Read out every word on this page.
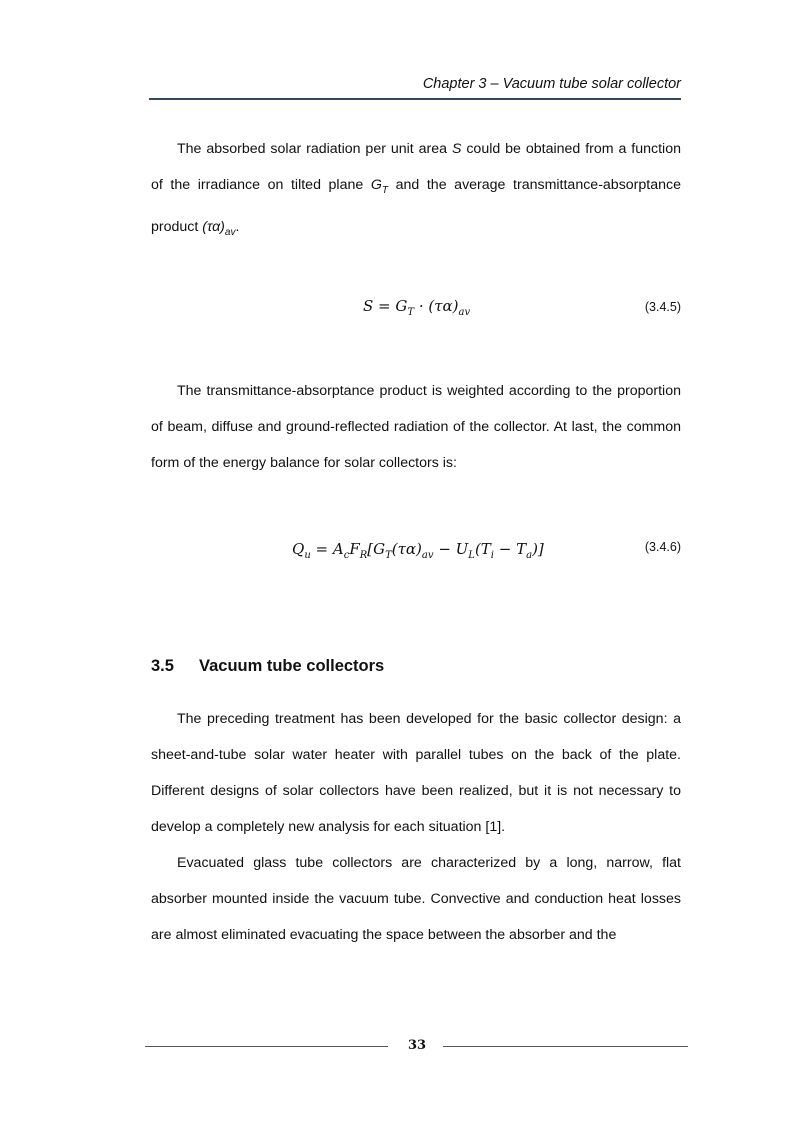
Chapter 3 – Vacuum tube solar collector

The absorbed solar radiation per unit area S could be obtained from a function of the irradiance on tilted plane $G_T$ and the average transmittance-absorptance product $(\tau\alpha)_{av}$.

$S = G_T \cdot (\tau\alpha)_{av}$	(3.4.5)

The transmittance-absorptance product is weighted according to the proportion of beam, diffuse and ground-reflected radiation of the collector. At last, the common form of the energy balance for solar collectors is:

$Q_u = A_cF_R[G_T(\tau\alpha)_{av} - U_L(T_i - T_a)]$	(3.4.6)
3.5 Vacuum tube collectors

The preceding treatment has been developed for the basic collector design: a sheet-and-tube solar water heater with parallel tubes on the back of the plate. Different designs of solar collectors have been realized, but it is not necessary to develop a completely new analysis for each situation [1].

Evacuated glass tube collectors are characterized by a long, narrow, flat absorber mounted inside the vacuum tube. Convective and conduction heat losses are almost eliminated evacuating the space between the absorber and the

33
